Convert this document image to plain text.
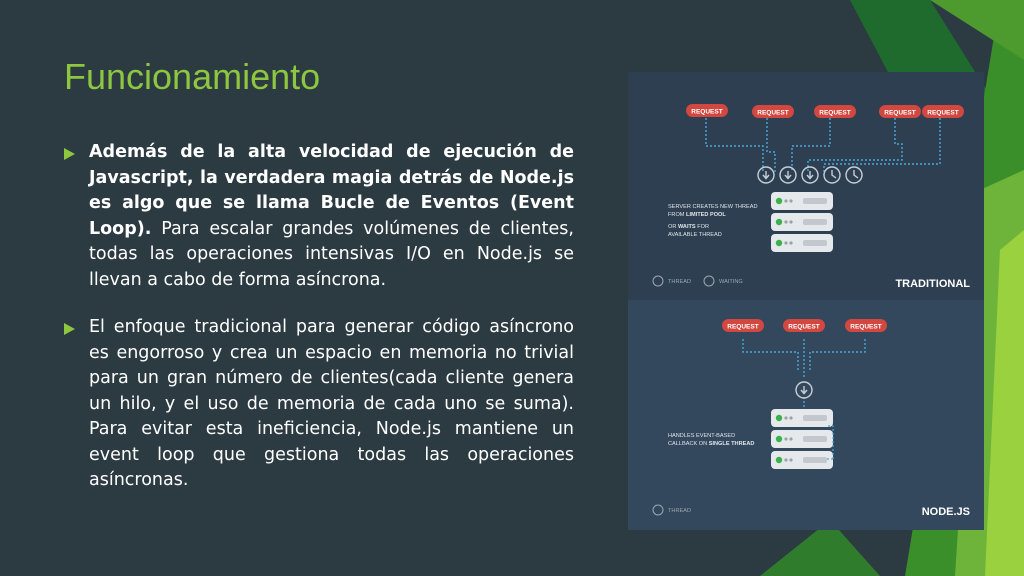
Funcionamiento
Además de la alta velocidad de ejecución de Javascript, la verdadera magia detrás de Node.js es algo que se llama Bucle de Eventos (Event Loop). Para escalar grandes volúmenes de clientes, todas las operaciones intensivas I/O en Node.js se llevan a cabo de forma asíncrona.
El enfoque tradicional para generar código asíncrono es engorroso y crea un espacio en memoria no trivial para un gran número de clientes(cada cliente genera un hilo, y el uso de memoria de cada uno se suma). Para evitar esta ineficiencia, Node.js mantiene un event loop que gestiona todas las operaciones asíncronas.
REQUEST	REQUEST	REQUEST	REQUEST REQUEST
SERVER CREATES NEW THREAD
FROM LIMITED POOL
OR WAITS FOR
AVAILABLE THREAD
THREAD	WAITING	TRADITIONAL
REQUEST	REQUEST	REQUEST
HANDLES EVENT-BASED
CALLBACK ON SINGLE THREAD
THREAD	NODE.JS
